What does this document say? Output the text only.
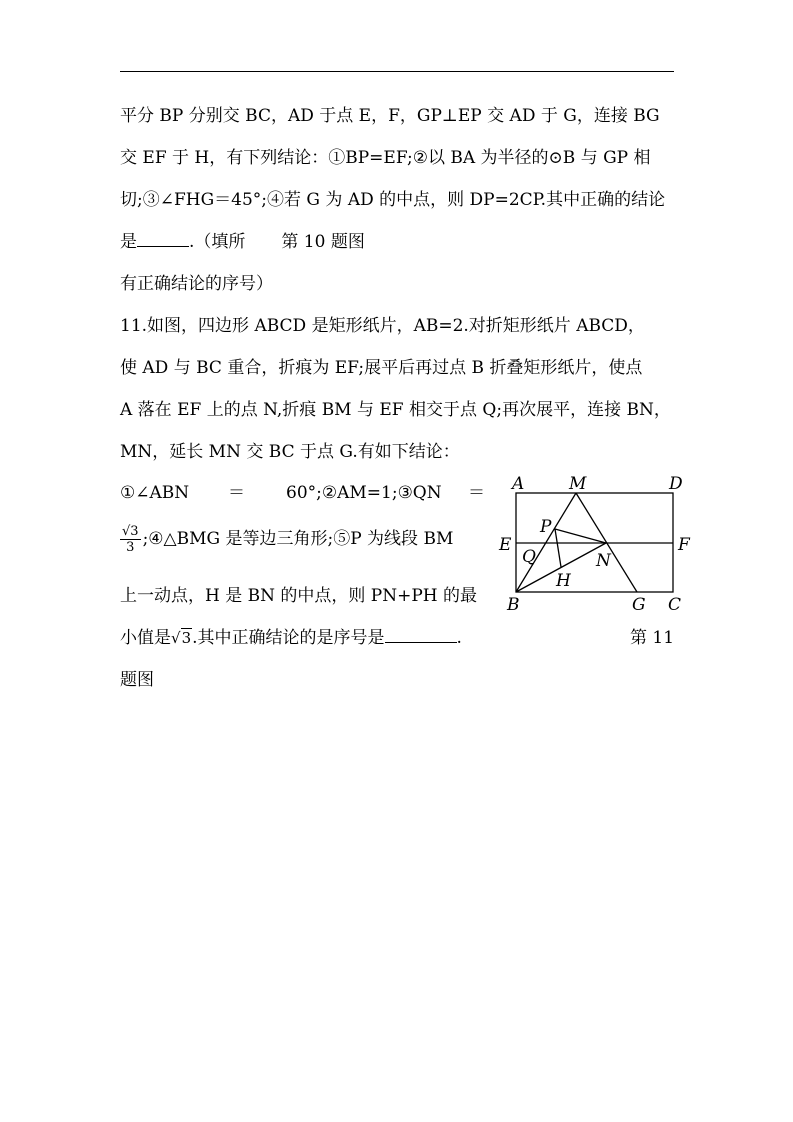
平分 BP 分别交 BC，AD 于点 E，F，GP⊥EP 交 AD 于 G，连接 BG
交 EF 于 H，有下列结论：①BP=EF;②以 BA 为半径的⊙B 与 GP 相
切;③∠FHG＝45°;④若 G 为 AD 的中点，则 DP=2CP.其中正确的结论
是	.（填所 第 10 题图
有正确结论的序号）
11.如图，四边形 ABCD 是矩形纸片，AB=2.对折矩形纸片 ABCD，
使 AD 与 BC 重合，折痕为 EF;展平后再过点 B 折叠矩形纸片，使点
A 落在 EF 上的点 N,折痕 BM 与 EF 相交于点 Q;再次展平，连接 BN，
MN，延长 MN 交 BC 于点 G.有如下结论：
①∠ABN ＝ 60°;②AM=1;③QN ＝
$\frac{√3}{3}$ ;④△BMG 是等边三角形;⑤P 为线段 BM
上一动点，H 是 BN 的中点，则 PN+PH 的最
小值是√3.其中正确结论的是序号是	.	第 11
题图
A	M	D
E	F
P
Q	N
H
B	G C
